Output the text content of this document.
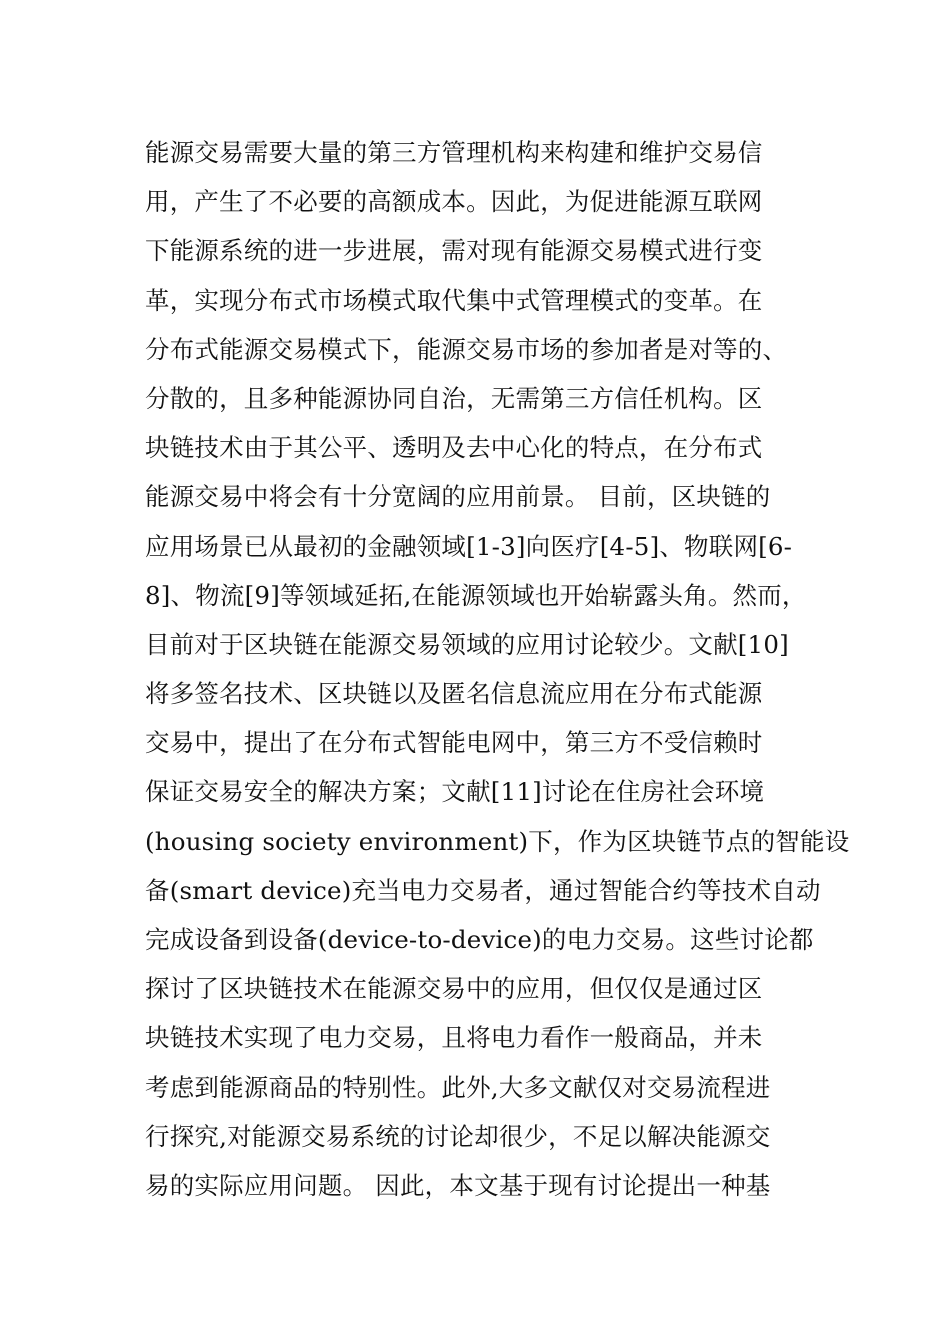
能源交易需要大量的第三方管理机构来构建和维护交易信
用，产生了不必要的高额成本。因此，为促进能源互联网
下能源系统的进一步进展，需对现有能源交易模式进行变
革，实现分布式市场模式取代集中式管理模式的变革。在
分布式能源交易模式下，能源交易市场的参加者是对等的、
分散的，且多种能源协同自治，无需第三方信任机构。区
块链技术由于其公平、透明及去中心化的特点，在分布式
能源交易中将会有十分宽阔的应用前景。 目前，区块链的
应用场景已从最初的金融领域[1-3]向医疗[4-5]、物联网[6-
8]、物流[9]等领域延拓,在能源领域也开始崭露头角。然而，
目前对于区块链在能源交易领域的应用讨论较少。文献[10]
将多签名技术、区块链以及匿名信息流应用在分布式能源
交易中，提出了在分布式智能电网中，第三方不受信赖时
保证交易安全的解决方案；文献[11]讨论在住房社会环境
(housing society environment)下，作为区块链节点的智能设
备(smart device)充当电力交易者，通过智能合约等技术自动
完成设备到设备(device-to-device)的电力交易。这些讨论都
探讨了区块链技术在能源交易中的应用，但仅仅是通过区
块链技术实现了电力交易，且将电力看作一般商品，并未
考虑到能源商品的特别性。此外,大多文献仅对交易流程进
行探究,对能源交易系统的讨论却很少，不足以解决能源交
易的实际应用问题。 因此，本文基于现有讨论提出一种基
